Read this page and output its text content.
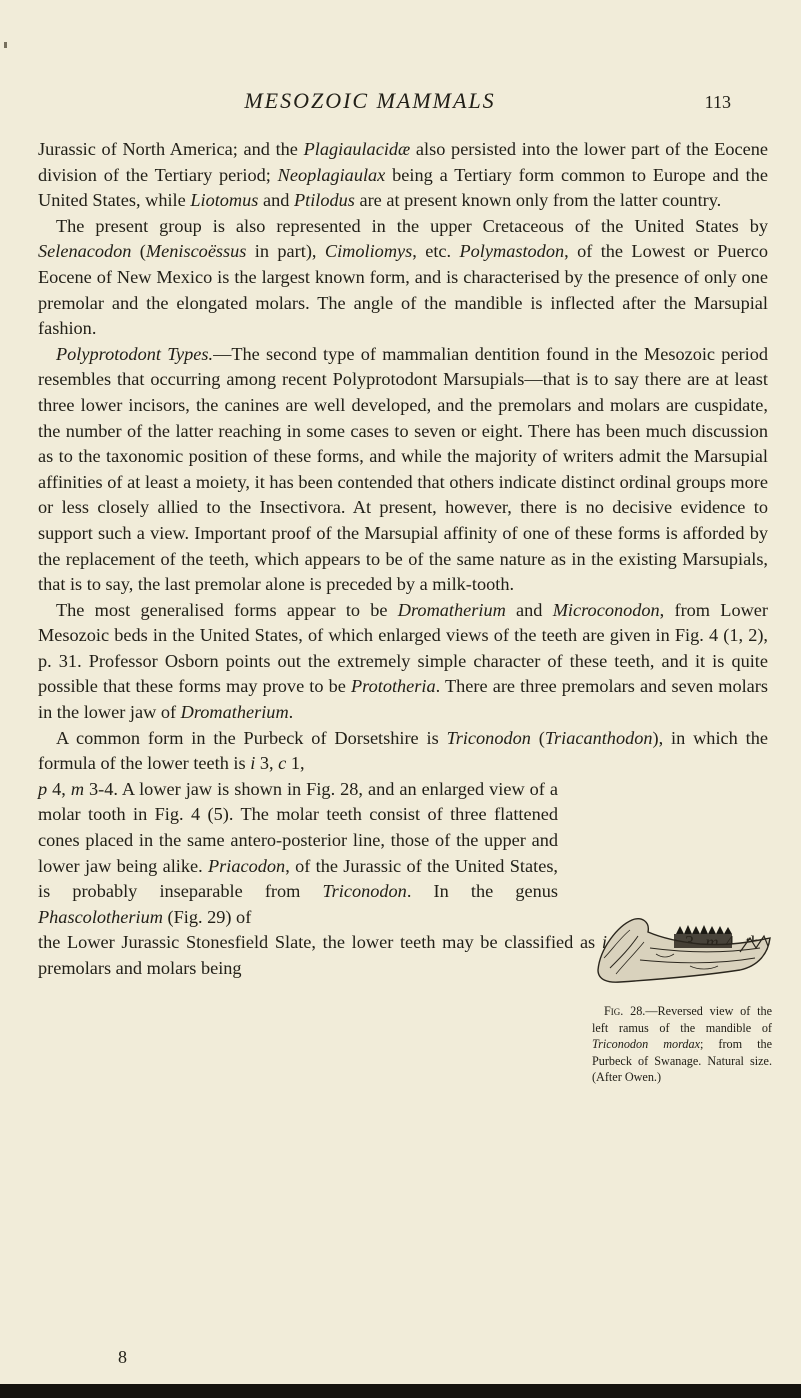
MESOZOIC MAMMALS	113

Jurassic of North America; and the Plagiaulacidæ also persisted into the lower part of the Eocene division of the Tertiary period; Neoplagiaulax being a Tertiary form common to Europe and the United States, while Liotomus and Ptilodus are at present known only from the latter country.

The present group is also represented in the upper Cretaceous of the United States by Selenacodon (Meniscoëssus in part), Cimoliomys, etc. Polymastodon, of the Lowest or Puerco Eocene of New Mexico is the largest known form, and is characterised by the presence of only one premolar and the elongated molars. The angle of the mandible is inflected after the Marsupial fashion.

Polyprotodont Types.—The second type of mammalian dentition found in the Mesozoic period resembles that occurring among recent Polyprotodont Marsupials—that is to say there are at least three lower incisors, the canines are well developed, and the premolars and molars are cuspidate, the number of the latter reaching in some cases to seven or eight. There has been much discussion as to the taxonomic position of these forms, and while the majority of writers admit the Marsupial affinities of at least a moiety, it has been contended that others indicate distinct ordinal groups more or less closely allied to the Insectivora. At present, however, there is no decisive evidence to support such a view. Important proof of the Marsupial affinity of one of these forms is afforded by the replacement of the teeth, which appears to be of the same nature as in the existing Marsupials, that is to say, the last premolar alone is preceded by a milk-tooth.

The most generalised forms appear to be Dromatherium and Microconodon, from Lower Mesozoic beds in the United States, of which enlarged views of the teeth are given in Fig. 4 (1, 2), p. 31. Professor Osborn points out the extremely simple character of these teeth, and it is quite possible that these forms may prove to be Prototheria. There are three premolars and seven molars in the lower jaw of Dromatherium.

A common form in the Purbeck of Dorsetshire is Triconodon (Triacanthodon), in which the formula of the lower teeth is i 3, c 1,

p 4, m 3-4. A lower jaw is shown in Fig. 28, and an enlarged view of a molar tooth in Fig. 4 (5). The molar teeth consist of three flattened cones placed in the same antero-posterior line, those of the upper and lower jaw being alike. Priacodon, of the Jurassic of the United States, is probably inseparable from Triconodon. In the genus Phascolotherium (Fig. 29) of

the Lower Jurassic Stonesfield Slate, the lower teeth may be classified as i	4, premolars and molars being

Fig. 28.—Reversed view of the left ramus of the mandible of Triconodon mordax; from the Purbeck of Swanage. Natural size. (After Owen.)
8
